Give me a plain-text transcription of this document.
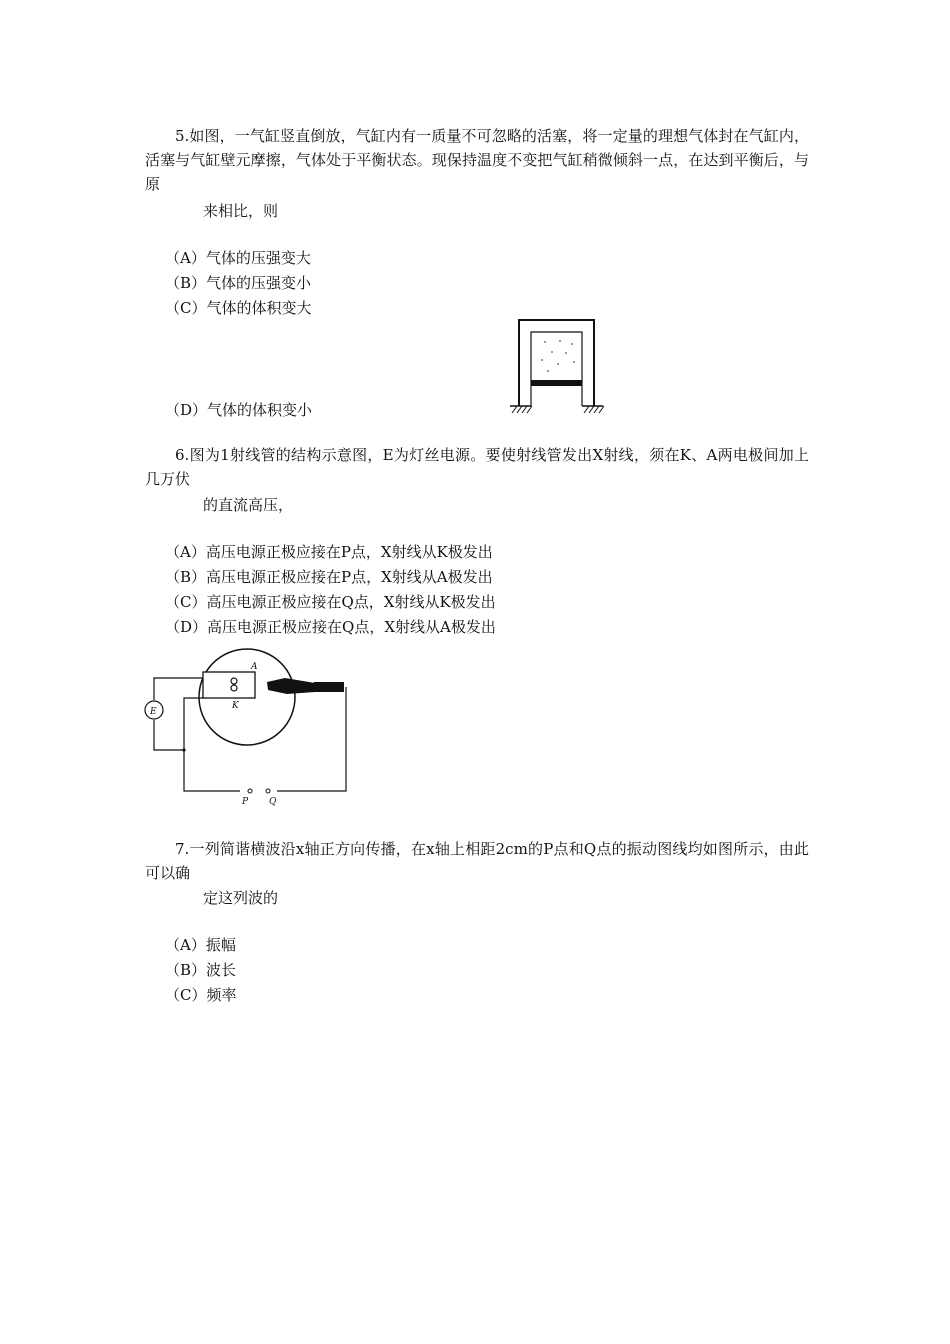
5.如图，一气缸竖直倒放，气缸内有一质量不可忽略的活塞，将一定量的理想气体封在气缸内，活塞与气缸壁元摩擦，气体处于平衡状态。现保持温度不变把气缸稍微倾斜一点，在达到平衡后，与原
来相比，则
（A）气体的压强变大
（B）气体的压强变小
（C）气体的体积变大
（D）气体的体积变小
6.图为1射线管的结构示意图，E为灯丝电源。要使射线管发出X射线，须在K、A两电极间加上几万伏
的直流高压，
（A）高压电源正极应接在P点，X射线从K极发出
（B）高压电源正极应接在P点，X射线从A极发出
（C）高压电源正极应接在Q点，X射线从K极发出
（D）高压电源正极应接在Q点，X射线从A极发出
E
A
K
P Q
7.一列简谐横波沿x轴正方向传播，在x轴上相距2cm的P点和Q点的振动图线均如图所示，由此可以确
定这列波的
（A）振幅
（B）波长
（C）频率
